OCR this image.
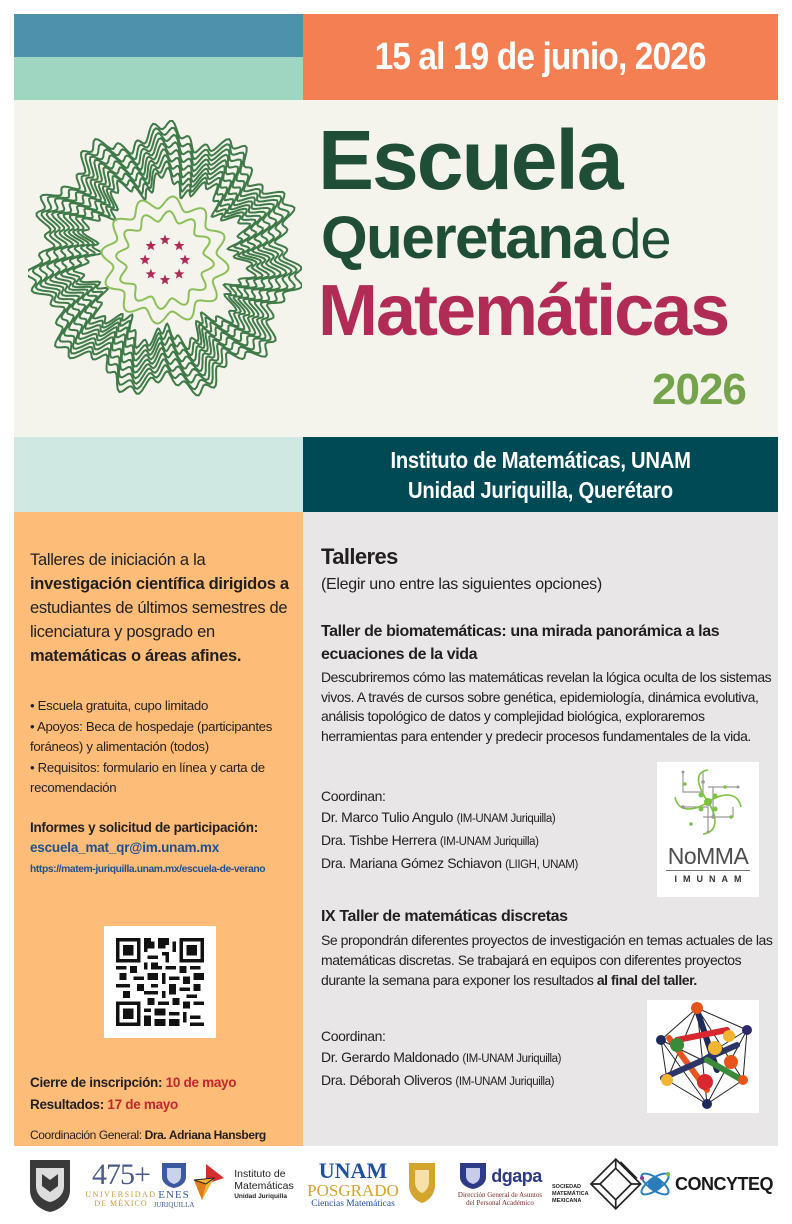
15 al 19 de junio, 2026
Escuela
Queretana de
Matemáticas
2026
Instituto de Matemáticas, UNAM
Unidad Juriquilla, Querétaro
Talleres de iniciación a la investigación científica dirigidos a estudiantes de últimos semestres de licenciatura y posgrado en matemáticas o áreas afines.
• Escuela gratuita, cupo limitado
• Apoyos: Beca de hospedaje (participantes foráneos) y alimentación (todos)
• Requisitos: formulario en línea y carta de recomendación
Informes y solicitud de participación:
escuela_mat_qr@im.unam.mx
https://matem-juriquilla.unam.mx/escuela-de-verano
Cierre de inscripción: 10 de mayo
Resultados: 17 de mayo
Coordinación General: Dra. Adriana Hansberg
Talleres
(Elegir uno entre las siguientes opciones)
Taller de biomatemáticas: una mirada panorámica a las ecuaciones de la vida
Descubriremos cómo las matemáticas revelan la lógica oculta de los sistemas vivos. A través de cursos sobre genética, epidemiología, dinámica evolutiva, análisis topológico de datos y complejidad biológica, exploraremos herramientas para entender y predecir procesos fundamentales de la vida.
Coordinan:
Dr. Marco Tulio Angulo (IM-UNAM Juriquilla)
Dra. Tishbe Herrera (IM-UNAM Juriquilla)
Dra. Mariana Gómez Schiavon (LIIGH, UNAM)	NoMMA
IMUNAM
IX Taller de matemáticas discretas
Se propondrán diferentes proyectos de investigación en temas actuales de las matemáticas discretas. Se trabajará en equipos con diferentes proyectos durante la semana para exponer los resultados al final del taller.
Coordinan:
Dr. Gerardo Maldonado (IM-UNAM Juriquilla)
Dra. Déborah Oliveros (IM-UNAM Juriquilla)
475+
UNIVERSIDAD
DE MÉXICO
ENES
JURIQUILLA
Instituto de
Matemáticas
Unidad Juriquilla
UNAM
POSGRADO
Ciencias Matemáticas
dgapa
Dirección General de Asuntos
del Personal Académico
SOCIEDAD
MATEMÁTICA
MEXICANA
CONCYTEQ
